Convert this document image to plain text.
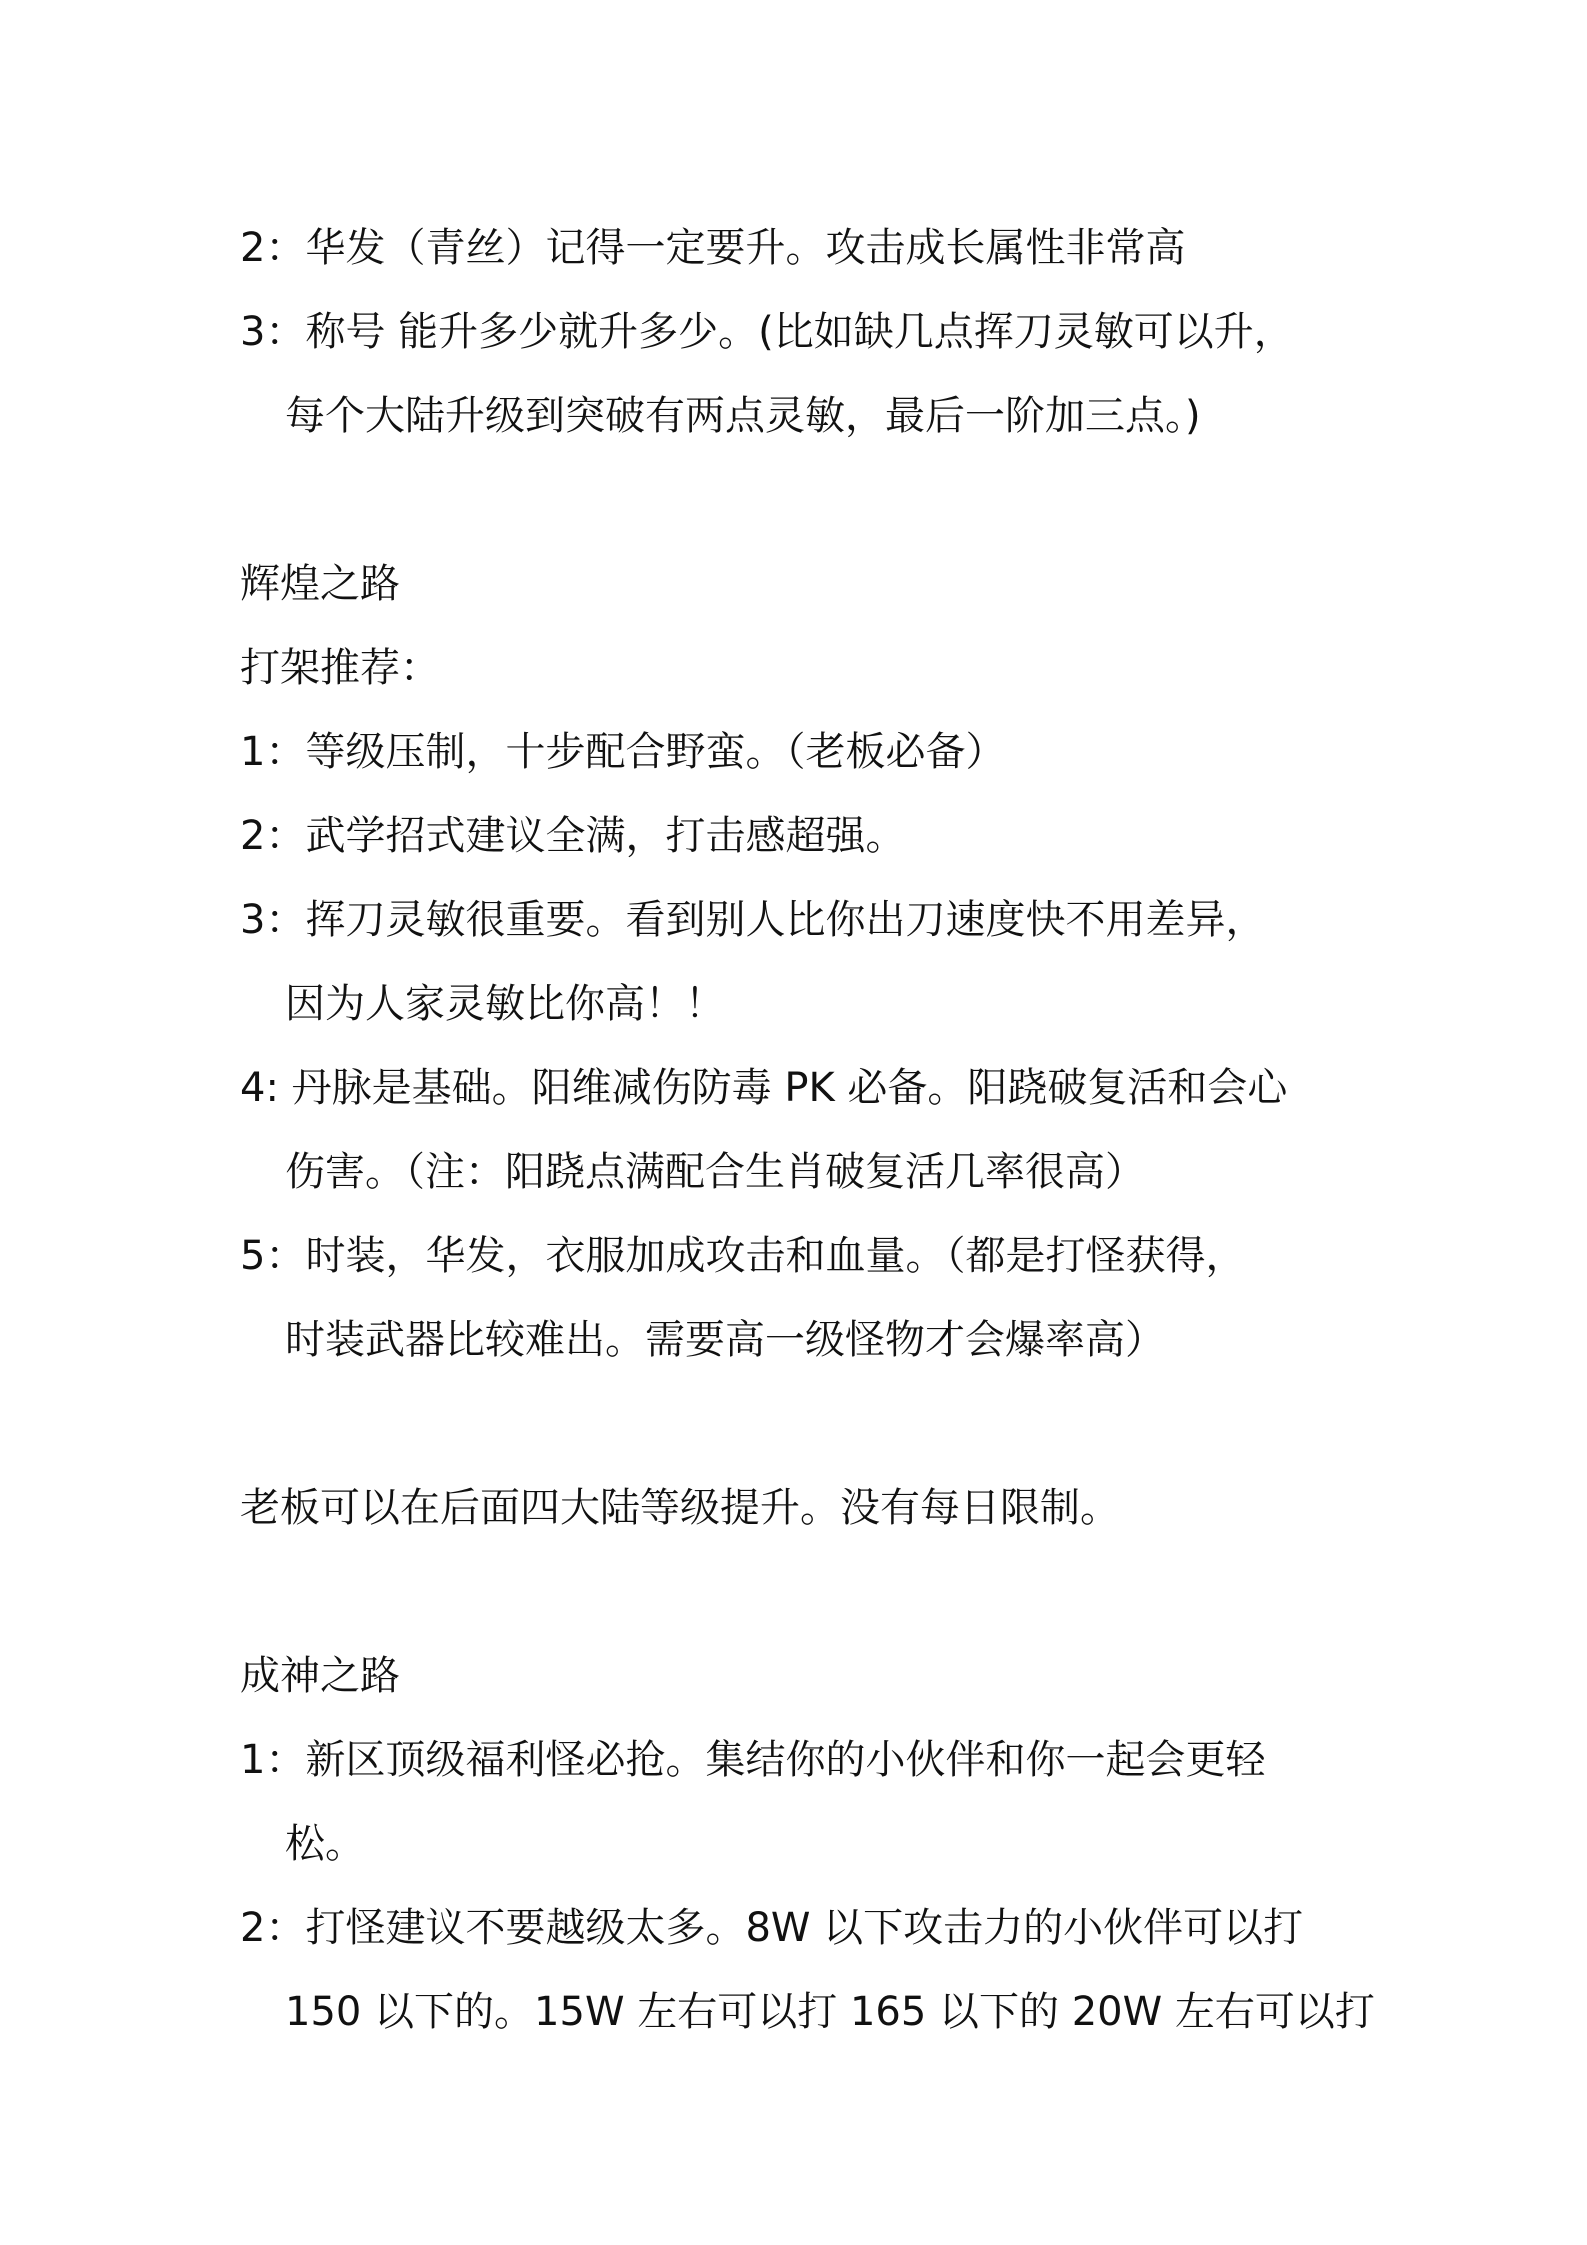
2：华发（青丝）记得一定要升。攻击成长属性非常高
3：称号 能升多少就升多少。(比如缺几点挥刀灵敏可以升，
每个大陆升级到突破有两点灵敏，最后一阶加三点。)
辉煌之路
打架推荐：
1：等级压制，十步配合野蛮。（老板必备）
2：武学招式建议全满，打击感超强。
3：挥刀灵敏很重要。看到别人比你出刀速度快不用差异，
因为人家灵敏比你高！！
4: 丹脉是基础。阳维减伤防毒 PK 必备。阳跷破复活和会心
伤害。（注：阳跷点满配合生肖破复活几率很高）
5：时装，华发，衣服加成攻击和血量。（都是打怪获得，
时装武器比较难出。需要高一级怪物才会爆率高）
老板可以在后面四大陆等级提升。没有每日限制。
成神之路
1：新区顶级福利怪必抢。集结你的小伙伴和你一起会更轻
松。
2：打怪建议不要越级太多。8W 以下攻击力的小伙伴可以打
150 以下的。15W 左右可以打 165 以下的 20W 左右可以打
